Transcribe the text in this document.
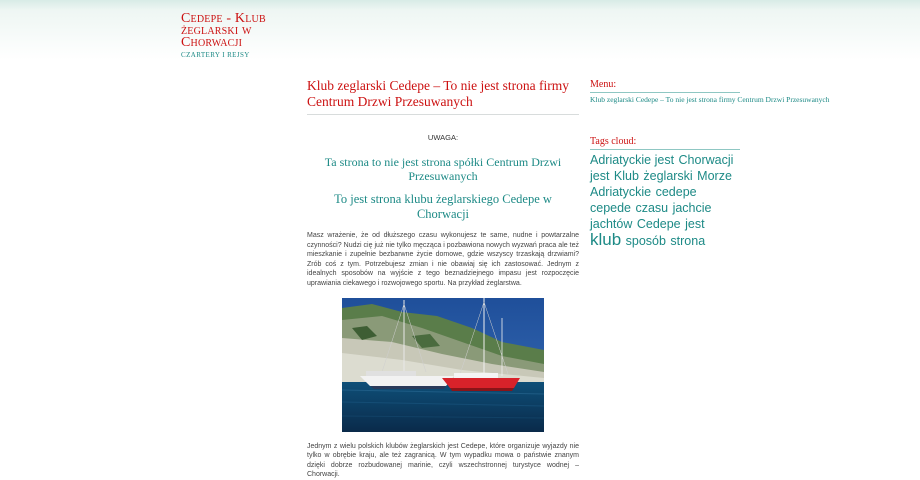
Cedepe - Klub żeglarski w Chorwacji
CZARTERY I REJSY
Klub zeglarski Cedepe – To nie jest strona firmy Centrum Drzwi Przesuwanych
UWAGA:
Ta strona to nie jest strona spółki Centrum Drzwi Przesuwanych
To jest strona klubu żeglarskiego Cedepe w Chorwacji

Masz wrażenie, że od dłuższego czasu wykonujesz te same, nudne i powtarzalne czynności? Nudzi cię już nie tylko męcząca i pozbawiona nowych wyzwań praca ale też mieszkanie i zupełnie bezbarwne życie domowe, gdzie wszyscy trzaskają drzwiami? Zrób coś z tym. Potrzebujesz zmian i nie obawiaj się ich zastosować. Jednym z idealnych sposobów na wyjście z tego beznadziejnego impasu jest rozpoczęcie uprawiania ciekawego i rozwojowego sportu. Na przykład żeglarstwa.

Jednym z wielu polskich klubów żeglarskich jest Cedepe, które organizuje wyjazdy nie tylko w obrębie kraju, ale też zagranicą. W tym wypadku mowa o państwie znanym dzięki dobrze rozbudowanej marinie, czyli wszechstronnej turystyce wodnej – Chorwacji.

Menu:
Klub zeglarski Cedepe – To nie jest strona firmy Centrum Drzwi Przesuwanych
Tags cloud:
Adriatyckie jest Chorwacji jest Klub żeglarski Morze Adriatyckie cedepe cepede czasu jachcie jachtów Cedepe jest klub sposób strona
